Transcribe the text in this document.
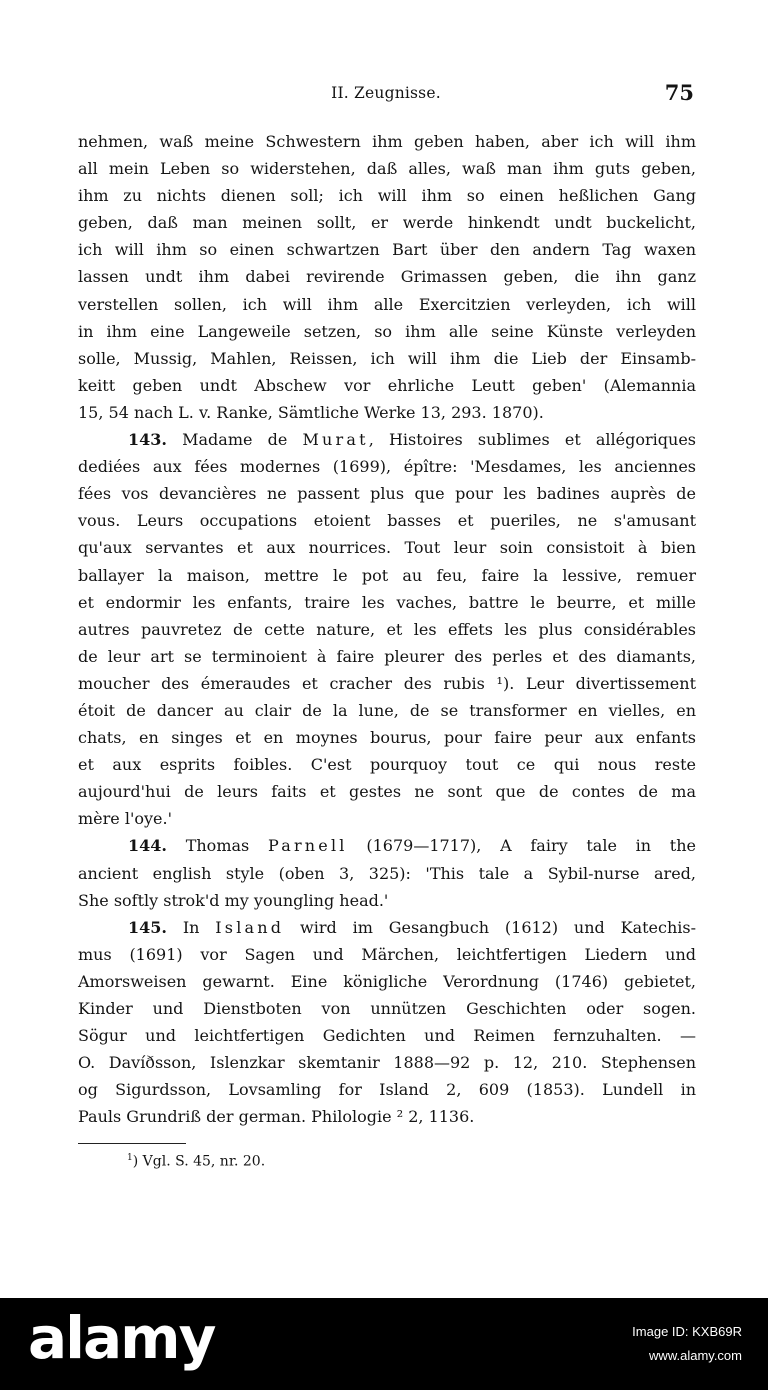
II. Zeugnisse.	75
nehmen, waß meine Schwestern ihm geben haben, aber ich will ihm
all mein Leben so widerstehen, daß alles, waß man ihm guts geben,
ihm zu nichts dienen soll; ich will ihm so einen heßlichen Gang
geben, daß man meinen sollt, er werde hinkendt undt buckelicht,
ich will ihm so einen schwartzen Bart über den andern Tag waxen
lassen undt ihm dabei revirende Grimassen geben, die ihn ganz
verstellen sollen, ich will ihm alle Exercitzien verleyden, ich will
in ihm eine Langeweile setzen, so ihm alle seine Künste verleyden
solle, Mussig, Mahlen, Reissen, ich will ihm die Lieb der Einsamb-
keitt geben undt Abschew vor ehrliche Leutt geben' (Alemannia
15, 54 nach L. v. Ranke, Sämtliche Werke 13, 293. 1870).
143. Madame de Murat, Histoires sublimes et allégoriques
dediées aux fées modernes (1699), épître: 'Mesdames, les anciennes
fées vos devancières ne passent plus que pour les badines auprès de
vous. Leurs occupations etoient basses et pueriles, ne s'amusant
qu'aux servantes et aux nourrices. Tout leur soin consistoit à bien
ballayer la maison, mettre le pot au feu, faire la lessive, remuer
et endormir les enfants, traire les vaches, battre le beurre, et mille
autres pauvretez de cette nature, et les effets les plus considérables
de leur art se terminoient à faire pleurer des perles et des diamants,
moucher des émeraudes et cracher des rubis ¹). Leur divertissement
étoit de dancer au clair de la lune, de se transformer en vielles, en
chats, en singes et en moynes bourus, pour faire peur aux enfants
et aux esprits foibles. C'est pourquoy tout ce qui nous reste
aujourd'hui de leurs faits et gestes ne sont que de contes de ma
mère l'oye.'
144. Thomas Parnell (1679—1717), A fairy tale in the
ancient english style (oben 3, 325): 'This tale a Sybil-nurse ared,
She softly strok'd my youngling head.'
145. In Island wird im Gesangbuch (1612) und Katechis-
mus (1691) vor Sagen und Märchen, leichtfertigen Liedern und
Amorsweisen gewarnt. Eine königliche Verordnung (1746) gebietet,
Kinder und Dienstboten von unnützen Geschichten oder sogen.
Sögur und leichtfertigen Gedichten und Reimen fernzuhalten. —
O. Davíðsson, Islenzkar skemtanir 1888—92 p. 12, 210. Stephensen
og Sigurdsson, Lovsamling for Island 2, 609 (1853). Lundell in
Pauls Grundriß der german. Philologie ² 2, 1136.
$^1$) Vgl. S. 45, nr. 20.
alamy	Image ID: KXB69R
www.alamy.com
